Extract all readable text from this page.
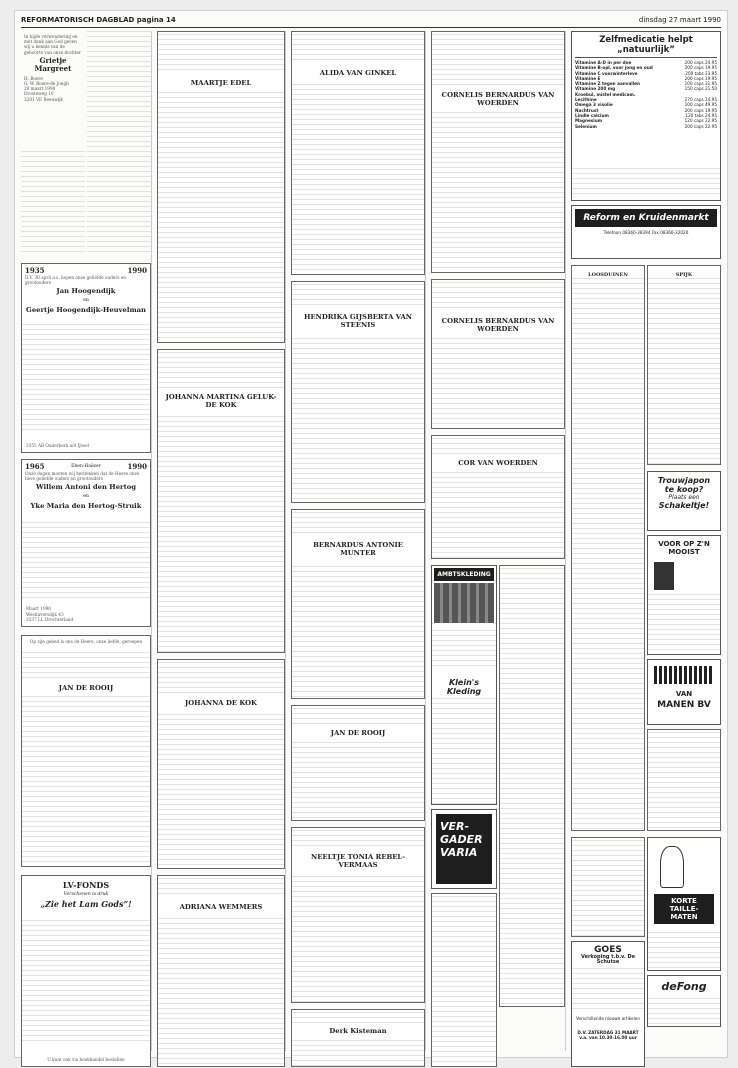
REFORMATORISCH DAGBLAD pagina 14	dinsdag 27 maart 1990
In bijde verwondering en met dank aan God geven wij u kennis van de geboorte van onze dochter
Grietje Margreet
H. Boere
G. W. Boere-de Jongh
20 maart 1990
Drosteweg 10
3201 VE Reeuwijk
1935	1990
D.V. 30 april a.s. hopen onze geliefde ouders en grootouders
Jan Hoogendijk
en
Geertje Hoogendijk-Heuvelman
3355 AB Ouderkerk a/d IJssel
1965	Eben-Haëzer	1990
Onze dagen moeten wij herdenken dat de Heere onze lieve geliefde ouders en grootouders
Willem Antoni den Hertog
en
Yke Maria den Hertog-Struik
Maart 1990
Westlaversdijk 43
3337 LL Drechterland
Op zijn gebed is ons de Heere, onze liefde, geroepen
JAN DE ROOIJ
LV-FONDS
Verschenen is druk
„Zie het Lam Gods”!
U kunt ook via boekhandel bestellen
MAARTJE EDEL
JOHANNA MARTINA GELUK-DE KOK
JOHANNA DE KOK
ADRIANA WEMMERS
ALIDA VAN GINKEL
HENDRIKA GIJSBERTA VAN STEENIS
BERNARDUS ANTONIE MUNTER
JAN DE ROOIJ
NEELTJE TONIA REBEL-VERMAAS
Derk Kisteman
CORNELIS BERNARDUS VAN WOERDEN
CORNELIS BERNARDUS VAN WOERDEN
COR VAN WOERDEN
AMBTSKLEDING
Klein's Kleding
VER-
GADER
VARIA
Zelfmedicatie helpt „natuurlijk”
Vitamine A-D in per doe	200 caps 24.95
Vitamine B-opl. voor jong en oud	200 caps 19.95
Vitamine C voorwinterleve	200 tabs 23.95
Vitamine E	200 caps 19.95
Vitamine Z tegen aanvallen	100 caps 31.95
Vitamine 200 mg	150 caps 21.50
Kroebul, mistel medicam.
Lecithine	270 caps 24.95
Omega 3 visolie	100 caps 49.95
Nachtrust	200 caps 19.95
Lindle calcium	120 tabs 24.95
Magnesium	120 caps 22.95
Selenium	200 caps 22.95
Reform en Kruidenmarkt
Telefoon 08360-38394 Fax 08360-32020
LOOSDUINEN	SPIJK
Trouwjapon
te koop?
Plaats een
Schakeltje!
VOOR OP Z'N
MOOIST
VAN
MANEN BV
KORTE
TAILLE-
MATEN
deFong
GOES
Verkoping t.b.v. De Schutse
Verschillende nieuwe artikelen
D.V. ZATERDAG 31 MAART v.a. van 10.30-16.00 uur
